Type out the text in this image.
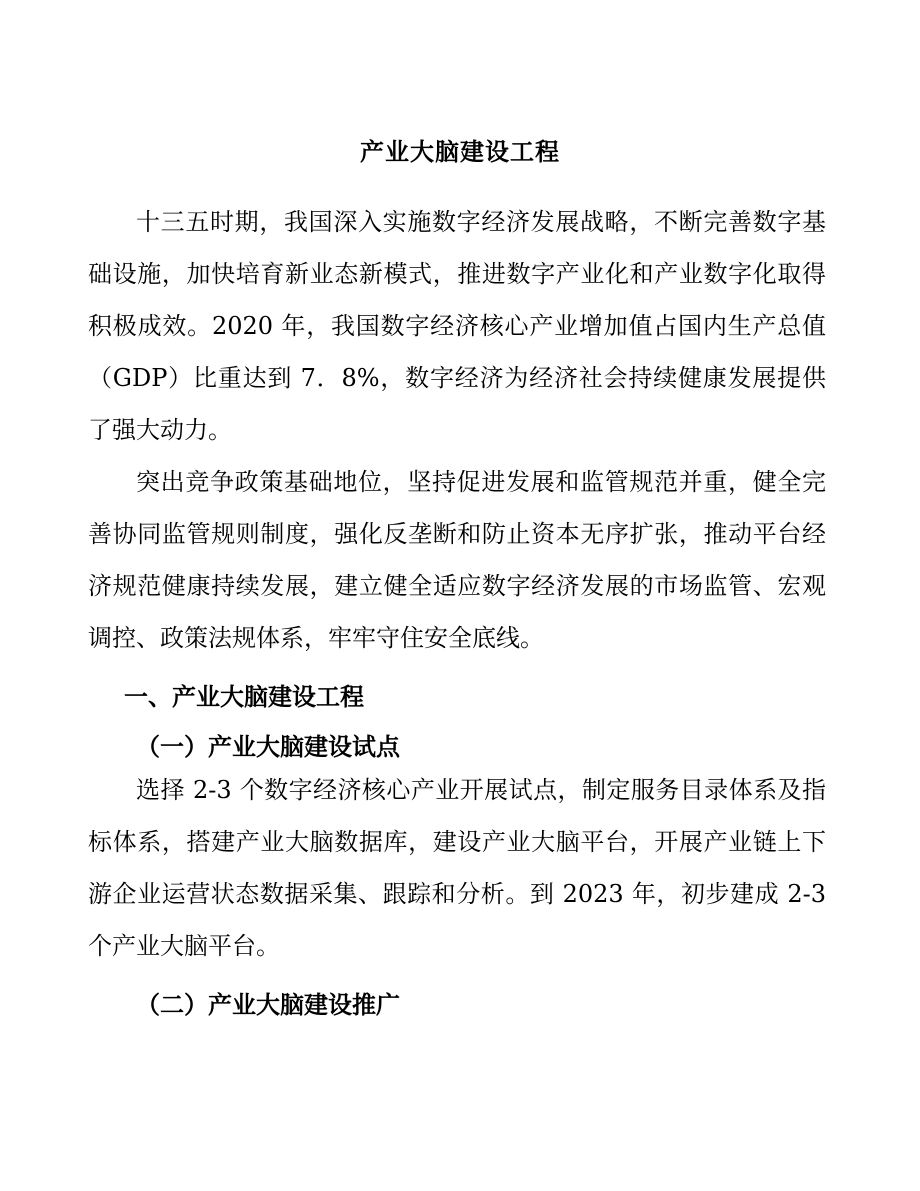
产业大脑建设工程

十三五时期，我国深入实施数字经济发展战略，不断完善数字基础设施，加快培育新业态新模式，推进数字产业化和产业数字化取得积极成效。2020 年，我国数字经济核心产业增加值占国内生产总值（GDP）比重达到 7．8%，数字经济为经济社会持续健康发展提供了强大动力。

突出竞争政策基础地位，坚持促进发展和监管规范并重，健全完善协同监管规则制度，强化反垄断和防止资本无序扩张，推动平台经济规范健康持续发展，建立健全适应数字经济发展的市场监管、宏观调控、政策法规体系，牢牢守住安全底线。

一、产业大脑建设工程
（一）产业大脑建设试点

选择 2-3 个数字经济核心产业开展试点，制定服务目录体系及指标体系，搭建产业大脑数据库，建设产业大脑平台，开展产业链上下游企业运营状态数据采集、跟踪和分析。到 2023 年，初步建成 2-3 个产业大脑平台。

（二）产业大脑建设推广
